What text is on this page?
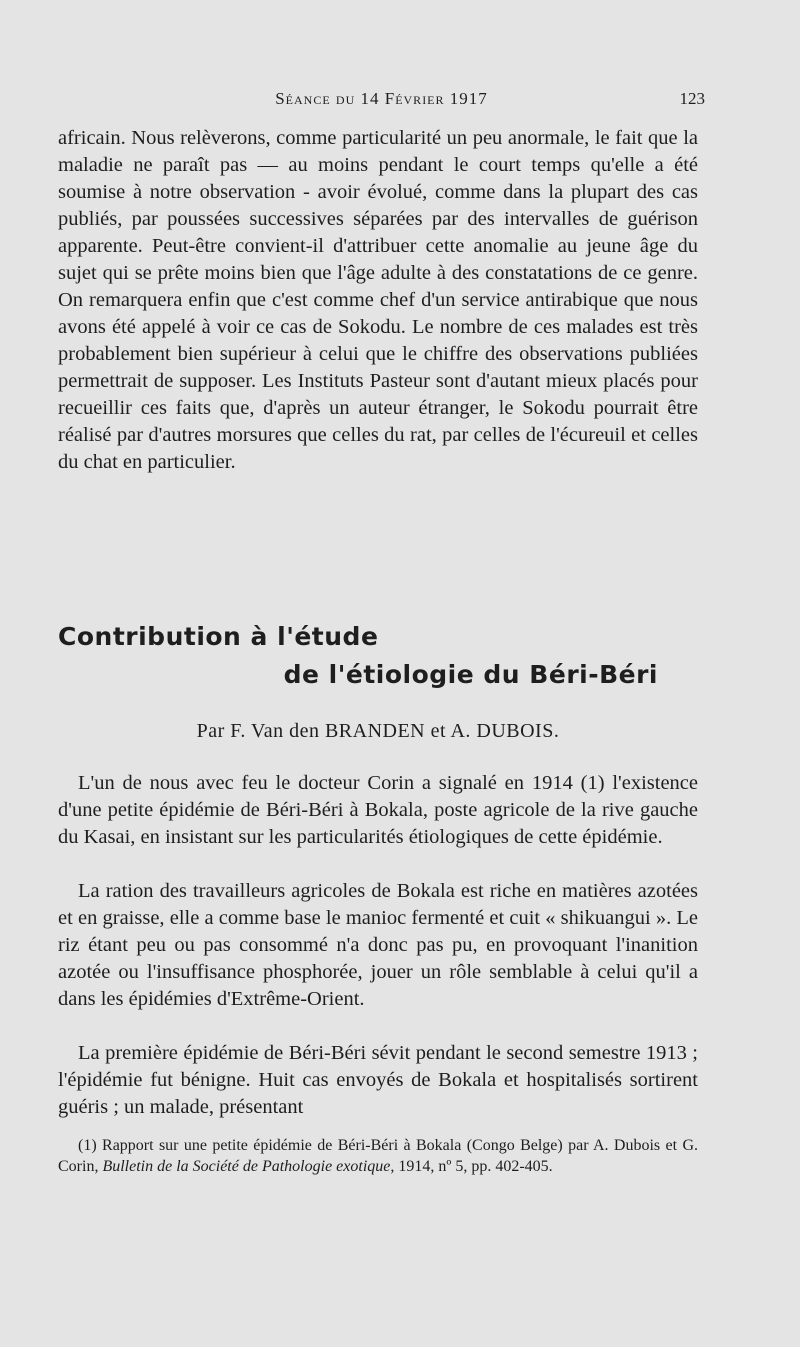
Séance du 14 Février 1917	123

africain. Nous relèverons, comme particularité un peu anormale, le fait que la maladie ne paraît pas — au moins pendant le court temps qu'elle a été soumise à notre observation - avoir évolué, comme dans la plupart des cas publiés, par poussées successives séparées par des intervalles de guérison apparente. Peut-être convient-il d'attribuer cette anomalie au jeune âge du sujet qui se prête moins bien que l'âge adulte à des constatations de ce genre. On remarquera enfin que c'est comme chef d'un service antirabique que nous avons été appelé à voir ce cas de Sokodu. Le nombre de ces malades est très probablement bien supérieur à celui que le chiffre des observations publiées permettrait de supposer. Les Instituts Pasteur sont d'autant mieux placés pour recueillir ces faits que, d'après un auteur étranger, le Sokodu pourrait être réalisé par d'autres morsures que celles du rat, par celles de l'écureuil et celles du chat en particulier.

Contribution à l'étude
de l'étiologie du Béri-Béri

Par F. Van den BRANDEN et A. DUBOIS.

L'un de nous avec feu le docteur Corin a signalé en 1914 (1) l'existence d'une petite épidémie de Béri-Béri à Bokala, poste agricole de la rive gauche du Kasai, en insistant sur les particularités étiologiques de cette épidémie.

La ration des travailleurs agricoles de Bokala est riche en matières azotées et en graisse, elle a comme base le manioc fermenté et cuit « shikuangui ». Le riz étant peu ou pas consommé n'a donc pas pu, en provoquant l'inanition azotée ou l'insuffisance phosphorée, jouer un rôle semblable à celui qu'il a dans les épidémies d'Extrême-Orient.

La première épidémie de Béri-Béri sévit pendant le second semestre 1913 ; l'épidémie fut bénigne. Huit cas envoyés de Bokala et hospitalisés sortirent guéris ; un malade, présentant

(1) Rapport sur une petite épidémie de Béri-Béri à Bokala (Congo Belge) par A. Dubois et G. Corin, Bulletin de la Société de Pathologie exotique, 1914, nº 5, pp. 402-405.
